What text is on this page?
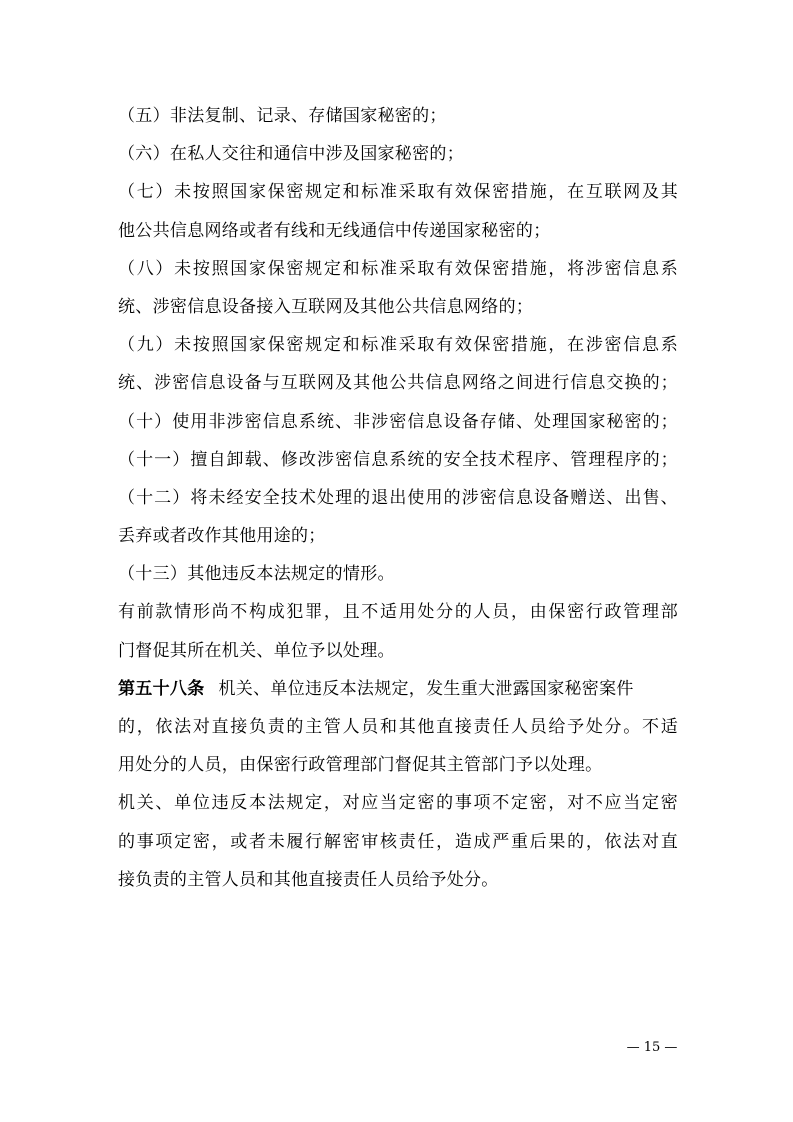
（五）非法复制、记录、存储国家秘密的；
（六）在私人交往和通信中涉及国家秘密的；
（七）未按照国家保密规定和标准采取有效保密措施，在互联网及其
他公共信息网络或者有线和无线通信中传递国家秘密的；
（八）未按照国家保密规定和标准采取有效保密措施，将涉密信息系
统、涉密信息设备接入互联网及其他公共信息网络的；
（九）未按照国家保密规定和标准采取有效保密措施，在涉密信息系
统、涉密信息设备与互联网及其他公共信息网络之间进行信息交换的；
（十）使用非涉密信息系统、非涉密信息设备存储、处理国家秘密的；
（十一）擅自卸载、修改涉密信息系统的安全技术程序、管理程序的；
（十二）将未经安全技术处理的退出使用的涉密信息设备赠送、出售、
丢弃或者改作其他用途的；
（十三）其他违反本法规定的情形。
有前款情形尚不构成犯罪，且不适用处分的人员，由保密行政管理部
门督促其所在机关、单位予以处理。
第五十八条 机关、单位违反本法规定，发生重大泄露国家秘密案件
的，依法对直接负责的主管人员和其他直接责任人员给予处分。不适
用处分的人员，由保密行政管理部门督促其主管部门予以处理。
机关、单位违反本法规定，对应当定密的事项不定密，对不应当定密
的事项定密，或者未履行解密审核责任，造成严重后果的，依法对直
接负责的主管人员和其他直接责任人员给予处分。
— 15 —
